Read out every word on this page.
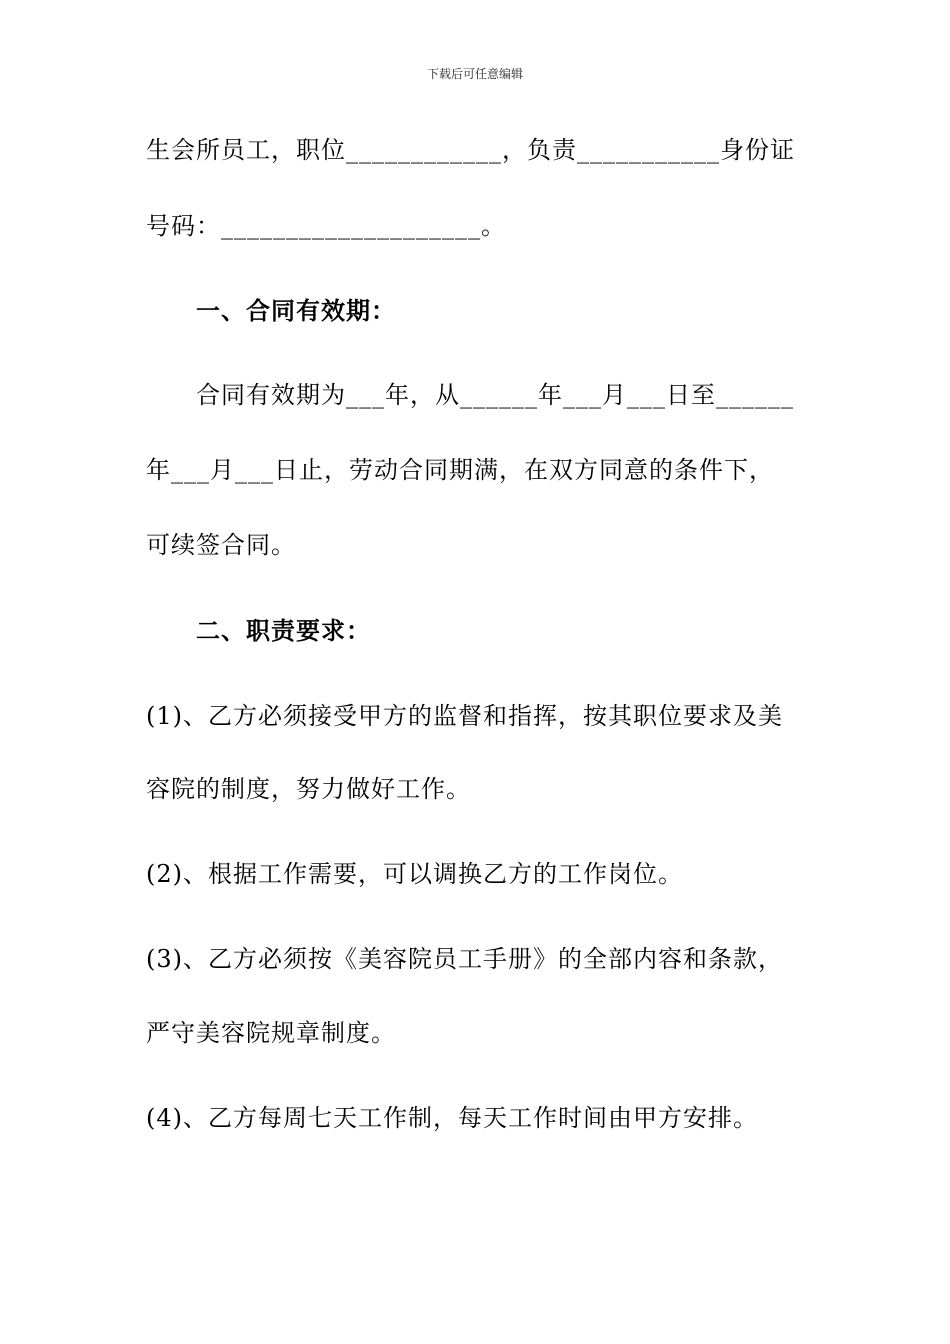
下载后可任意编辑
生会所员工，职位____________，负责___________身份证
号码：____________________。
一、合同有效期：
合同有效期为___年，从______年___月___日至______
年___月___日止，劳动合同期满，在双方同意的条件下，
可续签合同。
二、职责要求：
(1)、乙方必须接受甲方的监督和指挥，按其职位要求及美
容院的制度，努力做好工作。
(2)、根据工作需要，可以调换乙方的工作岗位。
(3)、乙方必须按《美容院员工手册》的全部内容和条款，
严守美容院规章制度。
(4)、乙方每周七天工作制，每天工作时间由甲方安排。
